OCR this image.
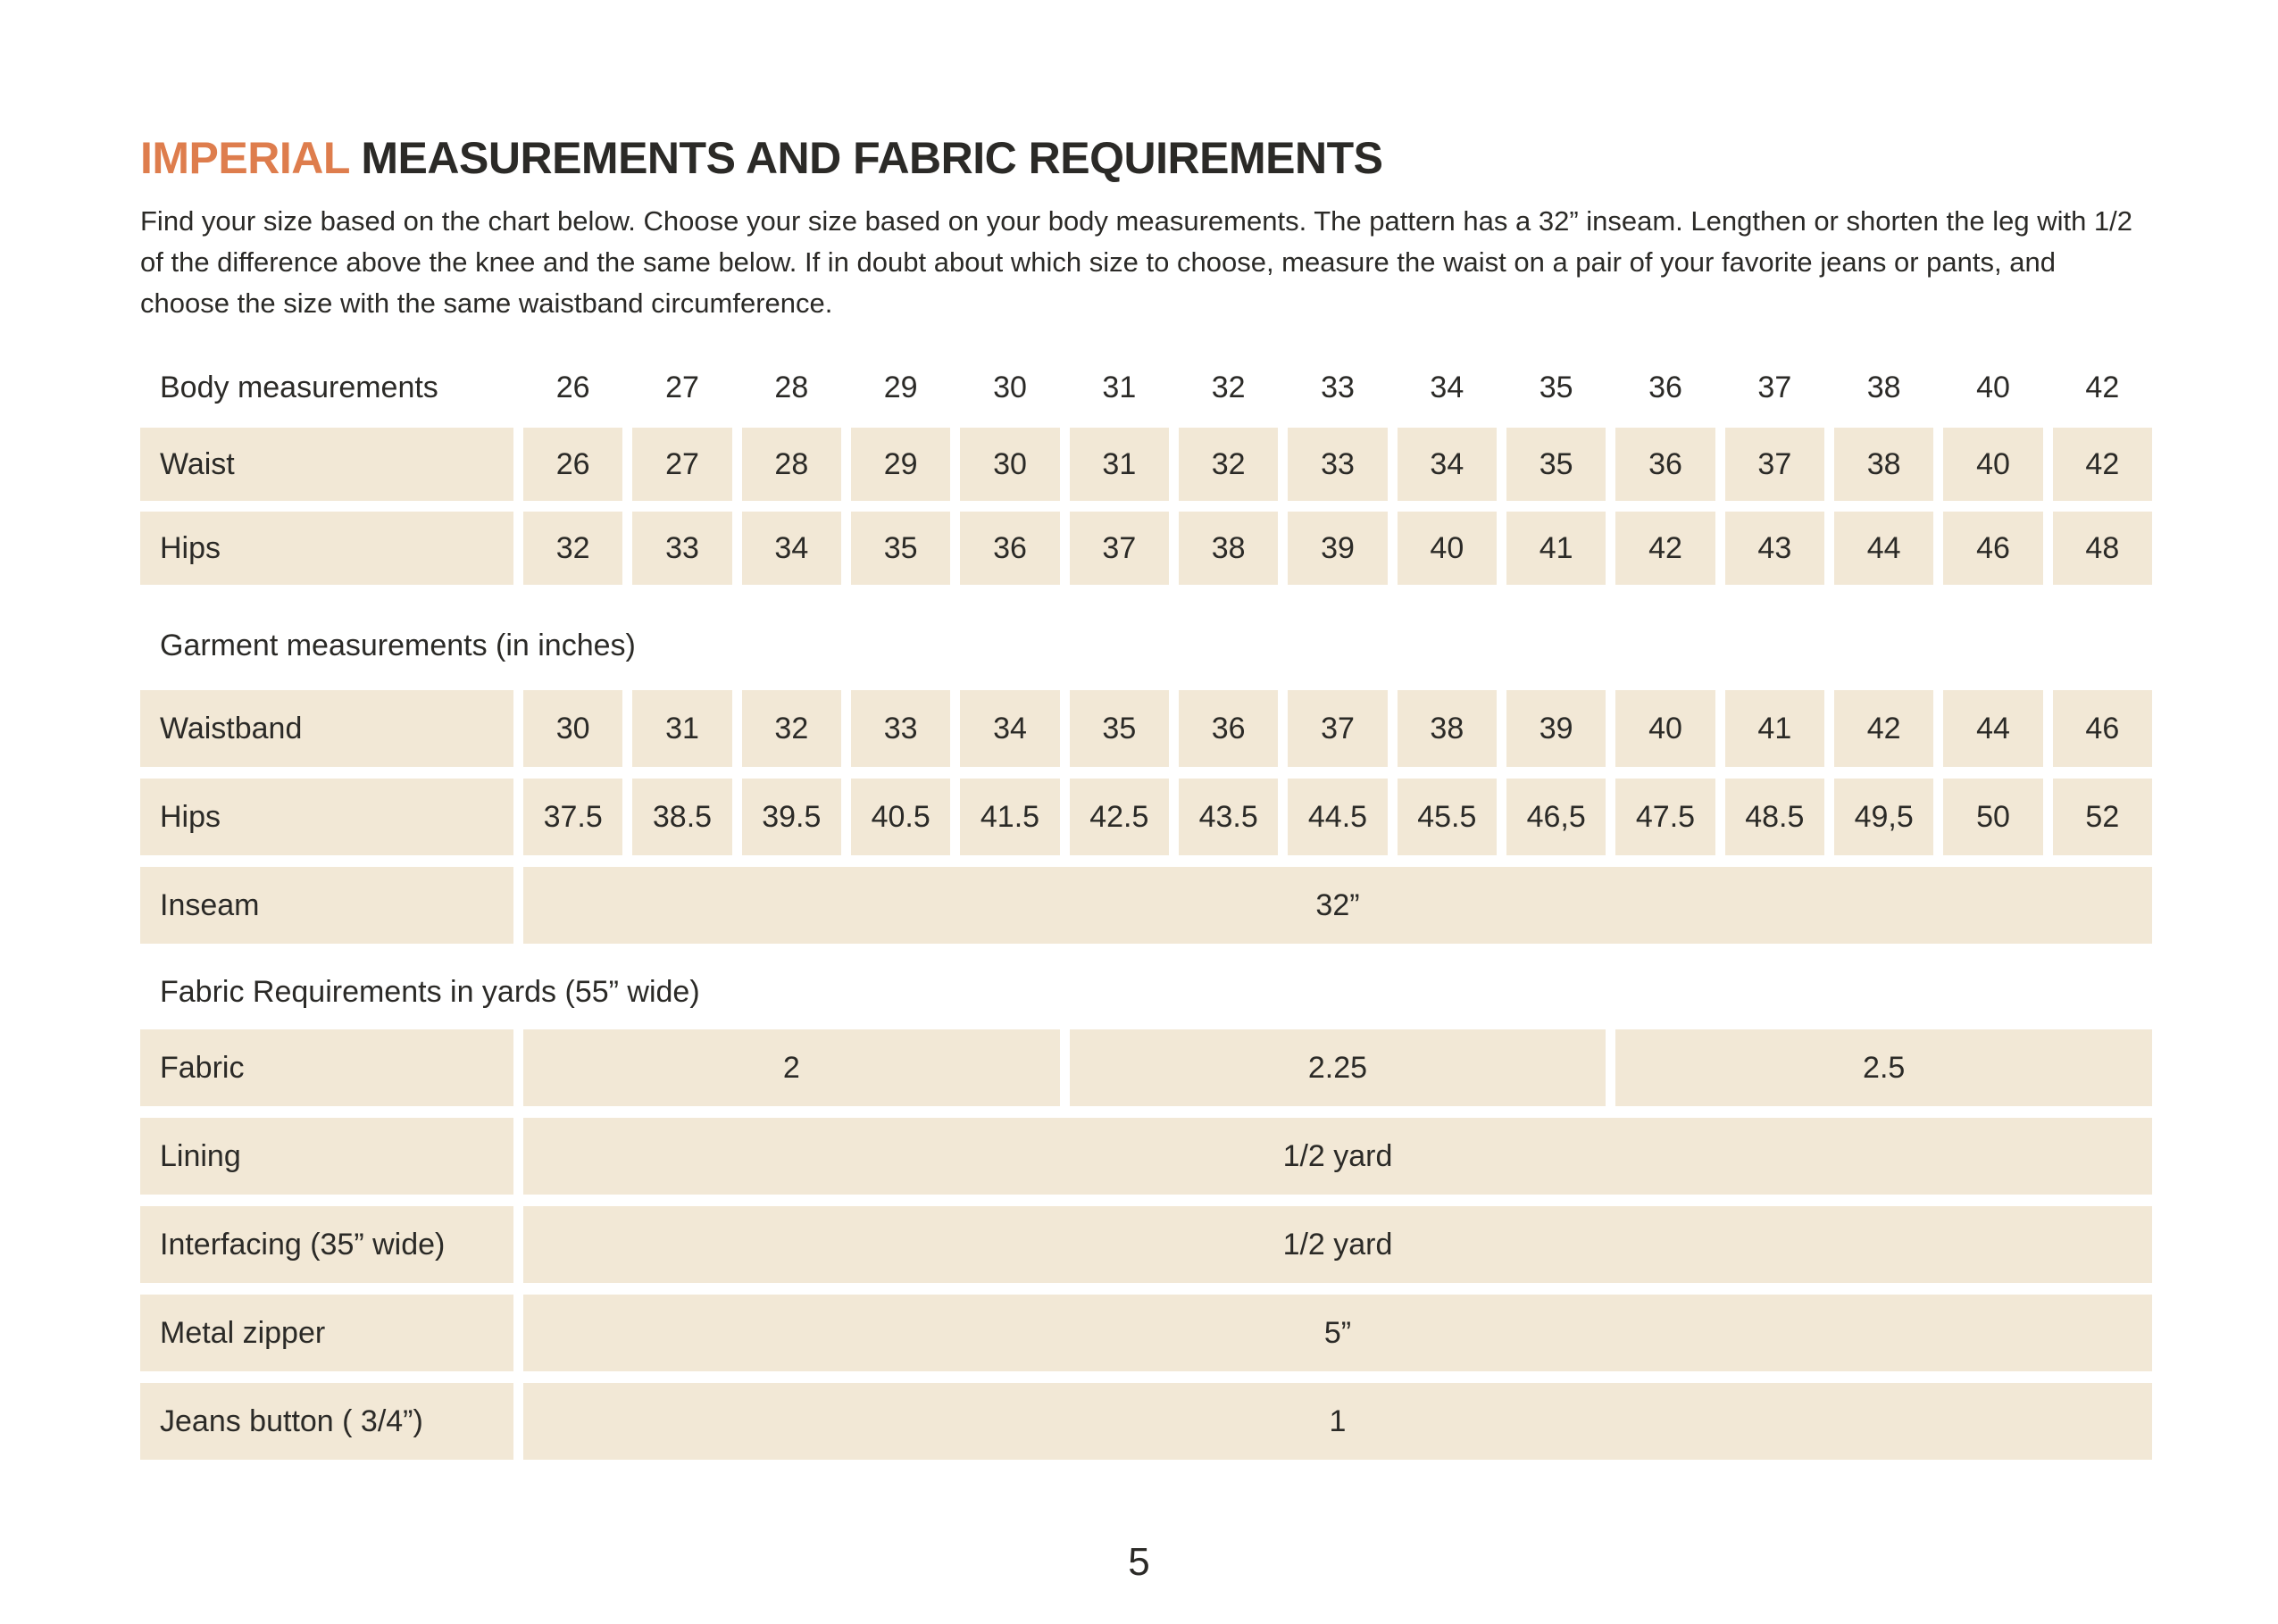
IMPERIAL MEASUREMENTS AND FABRIC REQUIREMENTS

Find your size based on the chart below. Choose your size based on your body measurements. The pattern has a 32” inseam. Lengthen or shorten the leg with 1/2 of the difference above the knee and the same below. If in doubt about which size to choose, measure the waist on a pair of your favorite jeans or pants, and choose the size with the same waistband circumference.

Body measurements	26	27	28	29	30	31	32	33	34	35	36	37	38	40	42
Waist	26	27	28	29	30	31	32	33	34	35	36	37	38	40	42
Hips	32	33	34	35	36	37	38	39	40	41	42	43	44	46	48
Garment measurements (in inches)
Waistband	30	31	32	33	34	35	36	37	38	39	40	41	42	44	46
Hips	37.5	38.5	39.5	40.5	41.5	42.5	43.5	44.5	45.5	46,5	47.5	48.5	49,5	50	52
Inseam	32”
Fabric Requirements in yards (55” wide)
Fabric	2	2.25	2.5
Lining	1/2 yard
Interfacing (35” wide)	1/2 yard
Metal zipper	5”
Jeans button ( 3/4”)	1
5
